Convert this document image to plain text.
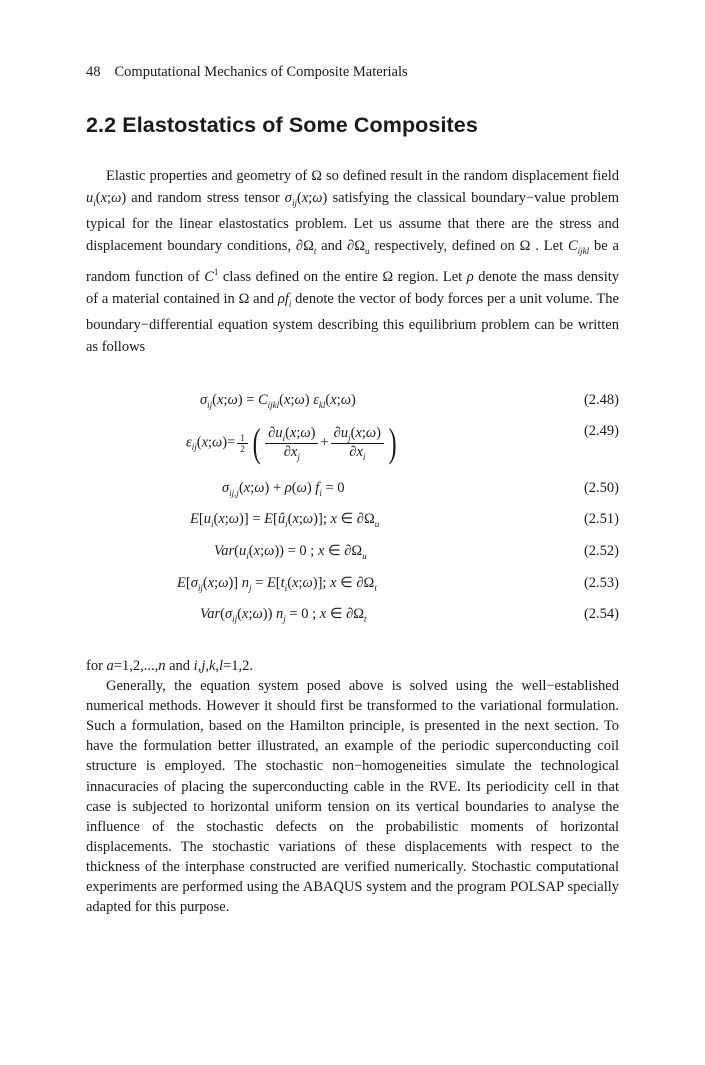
48 Computational Mechanics of Composite Materials
2.2 Elastostatics of Some Composites
Elastic properties and geometry of Ω so defined result in the random displacement field $u_i(x;\omega)$ and random stress tensor $\sigma_{ij}(x;\omega)$ satisfying the classical boundary−value problem typical for the linear elastostatics problem. Let us assume that there are the stress and displacement boundary conditions, $\partial\Omega_t$ and $\partial\Omega_u$ respectively, defined on Ω . Let $C_{ijkl}$ be a random function of $C^1$ class defined on the entire Ω region. Let ρ denote the mass density of a material contained in Ω and $\rho f_i$ denote the vector of body forces per a unit volume. The boundary−differential equation system describing this equilibrium problem can be written as follows
$\sigma_{ij}(x;\omega)$ = $C_{ijkl}(x;\omega)$ $\varepsilon_{kl}(x;\omega)$	(2.48)
$\varepsilon_{ij}(x;\omega)= \frac{1}{2}$ ( $\frac{\partial u_i(x;\omega)}{\partial x_j} + \frac{\partial u_j(x;\omega)}{\partial x_i}$ )	(2.49)
$\sigma_{ij,j}(x;\omega) + \rho(\omega) f_i = 0$	(2.50)
$E[u_i(x;\omega)]$ = $E[û_i(x;\omega)]$; x ∈ $\partial\Omega_u$	(2.51)
$Var(u_i(x;\omega)) = 0$ ; x ∈ $\partial\Omega_u$	(2.52)
$E[\sigma_{ij}(x;\omega)] n_j$ = $E[t_i(x;\omega)]$; x ∈ $\partial\Omega_t$	(2.53)
$Var(\sigma_{ij}(x;\omega)) n_j = 0$ ; x ∈ $\partial\Omega_t$	(2.54)
for a=1,2,...,n and i,j,k,l=1,2.
Generally, the equation system posed above is solved using the well−established numerical methods. However it should first be transformed to the variational formulation. Such a formulation, based on the Hamilton principle, is presented in the next section. To have the formulation better illustrated, an example of the periodic superconducting coil structure is employed. The stochastic non−homogeneities simulate the technological innacuracies of placing the superconducting cable in the RVE. Its periodicity cell in that case is subjected to horizontal uniform tension on its vertical boundaries to analyse the influence of the stochastic defects on the probabilistic moments of horizontal displacements. The stochastic variations of these displacements with respect to the thickness of the interphase constructed are verified numerically. Stochastic computational experiments are performed using the ABAQUS system and the program POLSAP specially adapted for this purpose.
